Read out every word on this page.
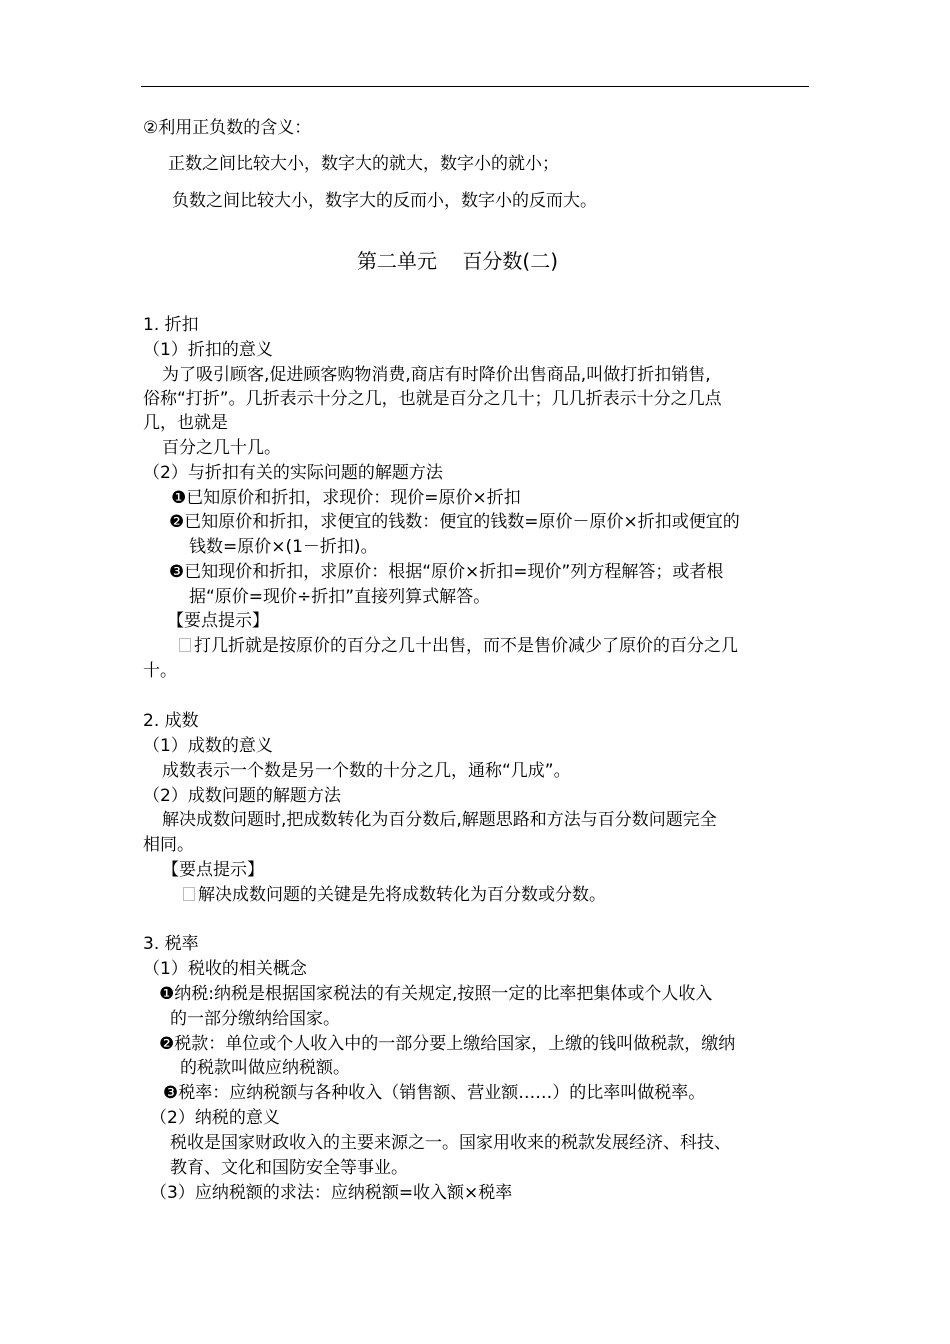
②利用正负数的含义：
正数之间比较大小，数字大的就大，数字小的就小；
负数之间比较大小，数字大的反而小，数字小的反而大。
第二单元    百分数(二)
1. 折扣
（1）折扣的意义
为了吸引顾客,促进顾客购物消费,商店有时降价出售商品,叫做打折扣销售,
俗称“打折”。几折表示十分之几，也就是百分之几十；几几折表示十分之几点
几，也就是
百分之几十几。
（2）与折扣有关的实际问题的解题方法
❶已知原价和折扣，求现价：现价=原价×折扣
❷已知原价和折扣，求便宜的钱数：便宜的钱数=原价－原价×折扣或便宜的
钱数=原价×(1－折扣)。
❸已知现价和折扣，求原价：根据“原价×折扣=现价”列方程解答；或者根
据“原价=现价÷折扣”直接列算式解答。
【要点提示】
打几折就是按原价的百分之几十出售，而不是售价减少了原价的百分之几
十。
2. 成数
（1）成数的意义
成数表示一个数是另一个数的十分之几，通称“几成”。
（2）成数问题的解题方法
解决成数问题时,把成数转化为百分数后,解题思路和方法与百分数问题完全
相同。
【要点提示】
解决成数问题的关键是先将成数转化为百分数或分数。
3. 税率
（1）税收的相关概念
❶纳税:纳税是根据国家税法的有关规定,按照一定的比率把集体或个人收入
的一部分缴纳给国家。
❷税款：单位或个人收入中的一部分要上缴给国家，上缴的钱叫做税款，缴纳
的税款叫做应纳税额。
❸税率：应纳税额与各种收入（销售额、营业额……）的比率叫做税率。
（2）纳税的意义
税收是国家财政收入的主要来源之一。国家用收来的税款发展经济、科技、
教育、文化和国防安全等事业。
（3）应纳税额的求法：应纳税额=收入额×税率
